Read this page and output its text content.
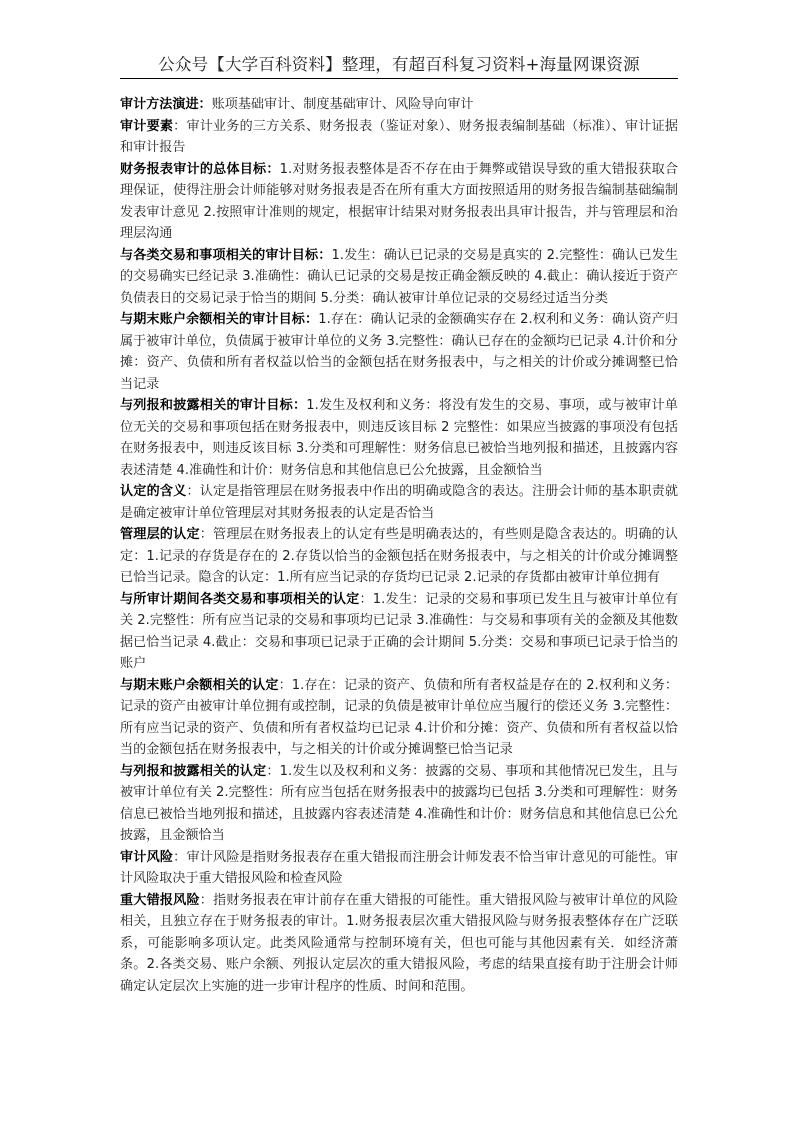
公众号【大学百科资料】整理，有超百科复习资料+海量网课资源

审计方法演进：账项基础审计、制度基础审计、风险导向审计

审计要素：审计业务的三方关系、财务报表（鉴证对象）、财务报表编制基础（标准）、审计证据和审计报告

财务报表审计的总体目标：1.对财务报表整体是否不存在由于舞弊或错误导致的重大错报获取合理保证，使得注册会计师能够对财务报表是否在所有重大方面按照适用的财务报告编制基础编制发表审计意见 2.按照审计准则的规定，根据审计结果对财务报表出具审计报告，并与管理层和治理层沟通

与各类交易和事项相关的审计目标：1.发生：确认已记录的交易是真实的 2.完整性：确认已发生的交易确实已经记录 3.准确性：确认已记录的交易是按正确金额反映的 4.截止：确认接近于资产负债表日的交易记录于恰当的期间 5.分类：确认被审计单位记录的交易经过适当分类

与期末账户余额相关的审计目标：1.存在：确认记录的金额确实存在 2.权利和义务：确认资产归属于被审计单位，负债属于被审计单位的义务 3.完整性：确认已存在的金额均已记录 4.计价和分摊：资产、负债和所有者权益以恰当的金额包括在财务报表中，与之相关的计价或分摊调整已恰当记录

与列报和披露相关的审计目标：1.发生及权利和义务：将没有发生的交易、事项，或与被审计单位无关的交易和事项包括在财务报表中，则违反该目标 2 完整性：如果应当披露的事项没有包括在财务报表中，则违反该目标 3.分类和可理解性：财务信息已被恰当地列报和描述，且披露内容表述清楚 4.准确性和计价：财务信息和其他信息已公允披露，且金额恰当

认定的含义：认定是指管理层在财务报表中作出的明确或隐含的表达。注册会计师的基本职责就是确定被审计单位管理层对其财务报表的认定是否恰当

管理层的认定：管理层在财务报表上的认定有些是明确表达的，有些则是隐含表达的。明确的认定：1.记录的存货是存在的 2.存货以恰当的金额包括在财务报表中，与之相关的计价或分摊调整已恰当记录。隐含的认定：1.所有应当记录的存货均已记录 2.记录的存货都由被审计单位拥有

与所审计期间各类交易和事项相关的认定：1.发生：记录的交易和事项已发生且与被审计单位有关 2.完整性：所有应当记录的交易和事项均已记录 3.准确性：与交易和事项有关的金额及其他数据已恰当记录 4.截止：交易和事项已记录于正确的会计期间 5.分类：交易和事项已记录于恰当的账户

与期末账户余额相关的认定：1.存在：记录的资产、负债和所有者权益是存在的 2.权利和义务：记录的资产由被审计单位拥有或控制，记录的负债是被审计单位应当履行的偿还义务 3.完整性：所有应当记录的资产、负债和所有者权益均已记录 4.计价和分摊：资产、负债和所有者权益以恰当的金额包括在财务报表中，与之相关的计价或分摊调整已恰当记录

与列报和披露相关的认定：1.发生以及权利和义务：披露的交易、事项和其他情况已发生，且与被审计单位有关 2.完整性：所有应当包括在财务报表中的披露均已包括 3.分类和可理解性：财务信息已被恰当地列报和描述，且披露内容表述清楚 4.准确性和计价：财务信息和其他信息已公允披露，且金额恰当

审计风险：审计风险是指财务报表存在重大错报而注册会计师发表不恰当审计意见的可能性。审计风险取决于重大错报风险和检查风险

重大错报风险：指财务报表在审计前存在重大错报的可能性。重大错报风险与被审计单位的风险相关，且独立存在于财务报表的审计。1.财务报表层次重大错报风险与财务报表整体存在广泛联系，可能影响多项认定。此类风险通常与控制环境有关，但也可能与其他因素有关．如经济萧条。2.各类交易、账户余额、列报认定层次的重大错报风险，考虑的结果直接有助于注册会计师确定认定层次上实施的进一步审计程序的性质、时间和范围。
